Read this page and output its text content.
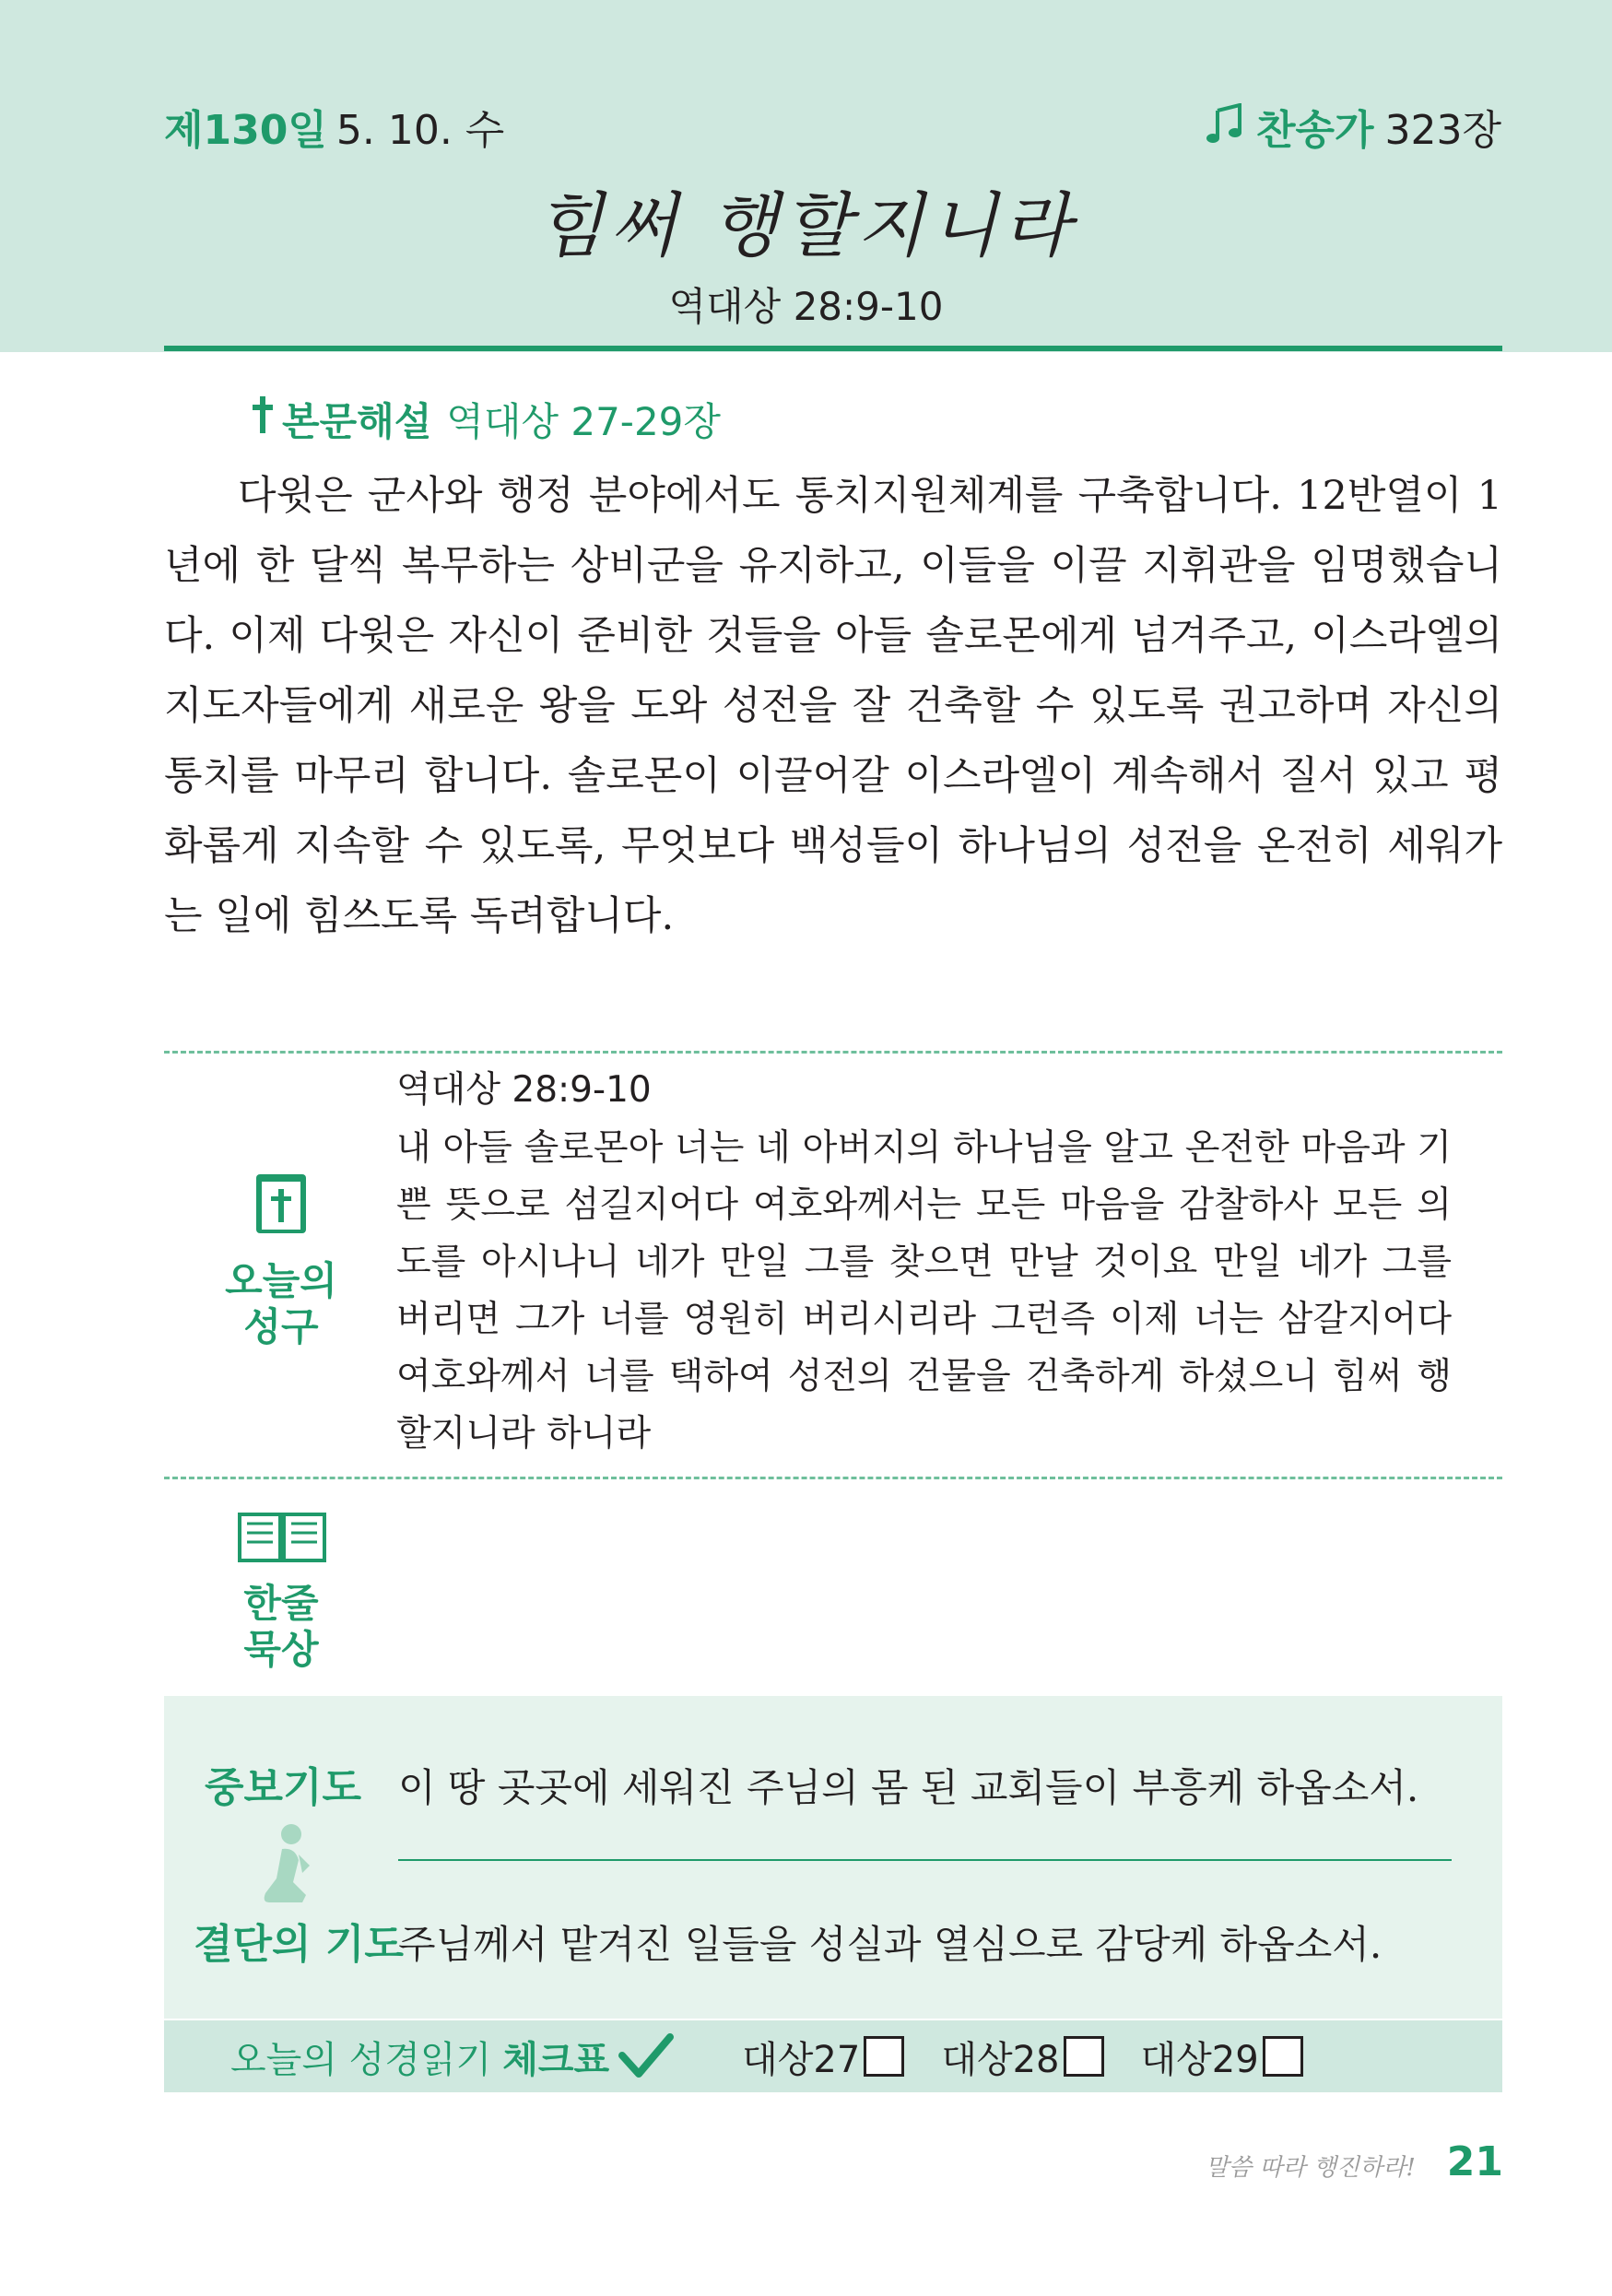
제130일 5. 10. 수	찬송가 323장
힘써 행할지니라
역대상 28:9-10
본문해설 역대상 27-29장

다윗은 군사와 행정 분야에서도 통치지원체계를 구축합니다. 12반열이 1년에 한 달씩 복무하는 상비군을 유지하고, 이들을 이끌 지휘관을 임명했습니다. 이제 다윗은 자신이 준비한 것들을 아들 솔로몬에게 넘겨주고, 이스라엘의 지도자들에게 새로운 왕을 도와 성전을 잘 건축할 수 있도록 권고하며 자신의 통치를 마무리 합니다. 솔로몬이 이끌어갈 이스라엘이 계속해서 질서 있고 평화롭게 지속할 수 있도록, 무엇보다 백성들이 하나님의 성전을 온전히 세워가는 일에 힘쓰도록 독려합니다.

오늘의
성구
역대상 28:9-10

내 아들 솔로몬아 너는 네 아버지의 하나님을 알고 온전한 마음과 기쁜 뜻으로 섬길지어다 여호와께서는 모든 마음을 감찰하사 모든 의도를 아시나니 네가 만일 그를 찾으면 만날 것이요 만일 네가 그를 버리면 그가 너를 영원히 버리시리라 그런즉 이제 너는 삼갈지어다 여호와께서 너를 택하여 성전의 건물을 건축하게 하셨으니 힘써 행할지니라 하니라

한줄
묵상
중보기도 이 땅 곳곳에 세워진 주님의 몸 된 교회들이 부흥케 하옵소서.
결단의 기도
주님께서 맡겨진 일들을 성실과 열심으로 감당케 하옵소서.
오늘의 성경읽기 체크표	대상27 대상28 대상29
말씀 따라 행진하라! 21
